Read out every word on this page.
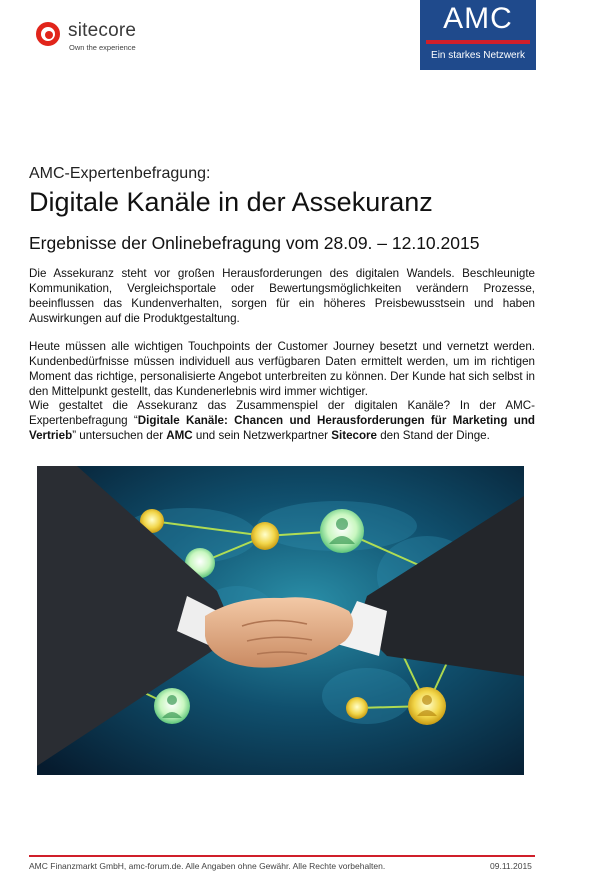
sitecore
Own the experience
AMC
Ein starkes Netzwerk
AMC-Expertenbefragung:
Digitale Kanäle in der Assekuranz
Ergebnisse der Onlinebefragung vom 28.09. – 12.10.2015

Die Assekuranz steht vor großen Herausforderungen des digitalen Wandels. Beschleunigte Kommunikation, Vergleichsportale oder Bewertungsmöglichkeiten verändern Prozesse, beeinflussen das Kundenverhalten, sorgen für ein höheres Preisbewusstsein und haben Auswirkungen auf die Produktgestaltung.

Heute müssen alle wichtigen Touchpoints der Customer Journey besetzt und vernetzt werden. Kundenbedürfnisse müssen individuell aus verfügbaren Daten ermittelt werden, um im richtigen Moment das richtige, personalisierte Angebot unterbreiten zu können. Der Kunde hat sich selbst in den Mittelpunkt gestellt, das Kundenerlebnis wird immer wichtiger.

Wie gestaltet die Assekuranz das Zusammenspiel der digitalen Kanäle? In der AMC-Expertenbefragung “Digitale Kanäle: Chancen und Herausforderungen für Marketing und Vertrieb” untersuchen der AMC und sein Netzwerkpartner Sitecore den Stand der Dinge.

AMC Finanzmarkt GmbH, amc-forum.de. Alle Angaben ohne Gewähr. Alle Rechte vorbehalten.	09.11.2015
